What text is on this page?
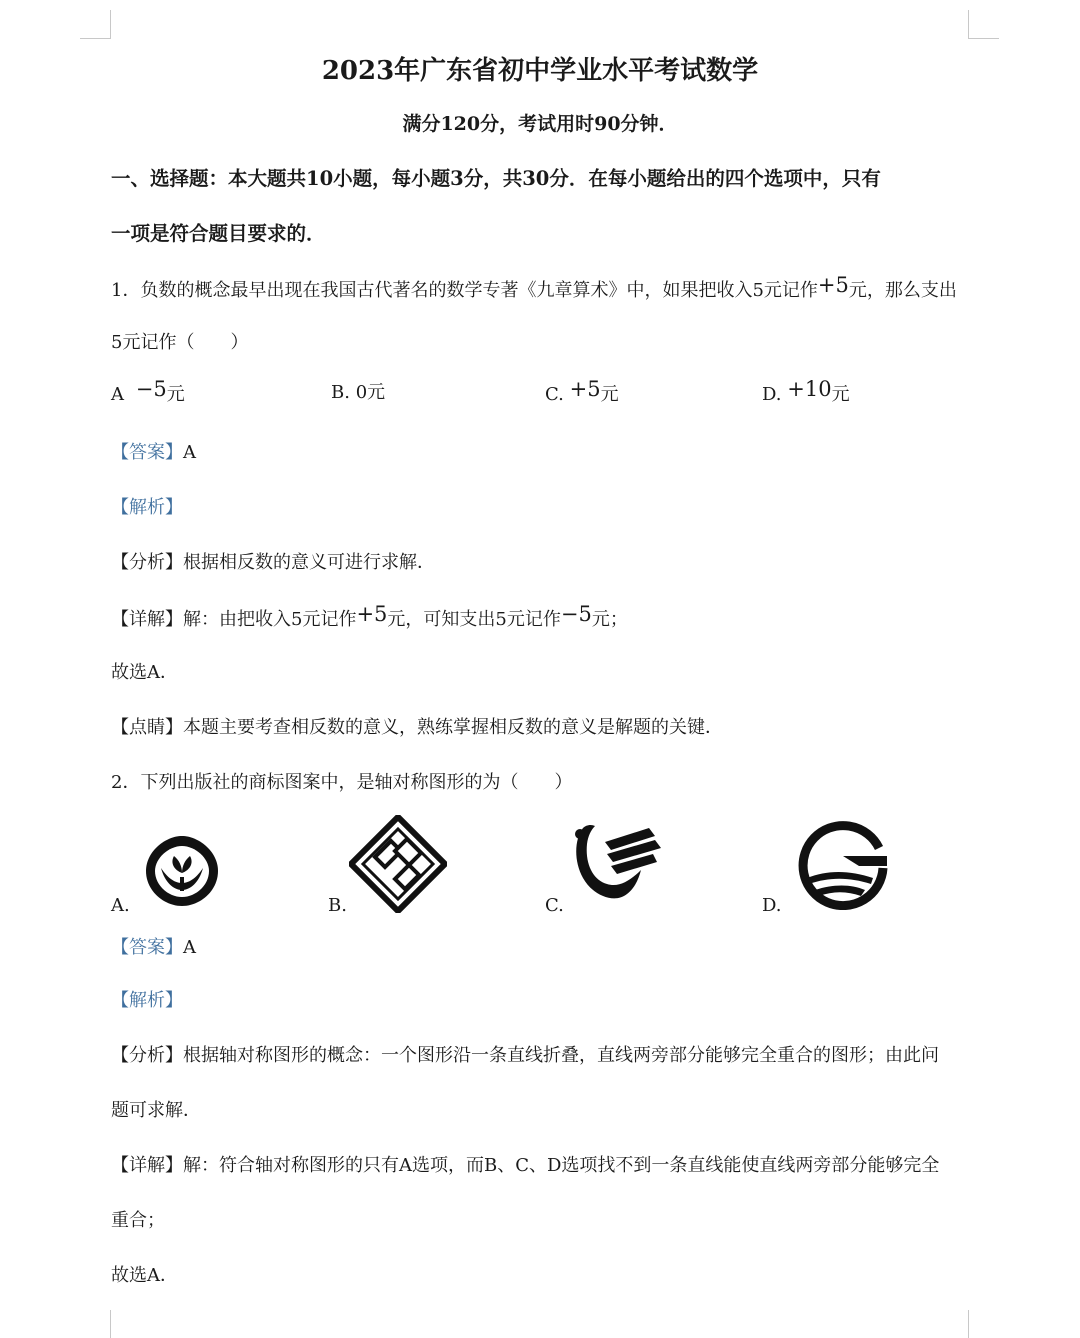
2023年广东省初中学业水平考试数学
满分120分，考试用时90分钟．
一、选择题：本大题共10小题，每小题3分，共30分．在每小题给出的四个选项中，只有
一项是符合题目要求的．
1．负数的概念最早出现在我国古代著名的数学专著《九章算术》中，如果把收入5元记作+5元，那么支出
5元记作（　　）
A −5元	B. 0元	C. +5元	D. +10元
【答案】A
【解析】
【分析】根据相反数的意义可进行求解．
【详解】解：由把收入5元记作+5元，可知支出5元记作−5元；
故选A．
【点睛】本题主要考查相反数的意义，熟练掌握相反数的意义是解题的关键．
2．下列出版社的商标图案中，是轴对称图形的为（　　）
A.	B.	C.	D.
【答案】A
【解析】
【分析】根据轴对称图形的概念：一个图形沿一条直线折叠，直线两旁部分能够完全重合的图形；由此问
题可求解．
【详解】解：符合轴对称图形的只有A选项，而B、C、D选项找不到一条直线能使直线两旁部分能够完全
重合；
故选A．
